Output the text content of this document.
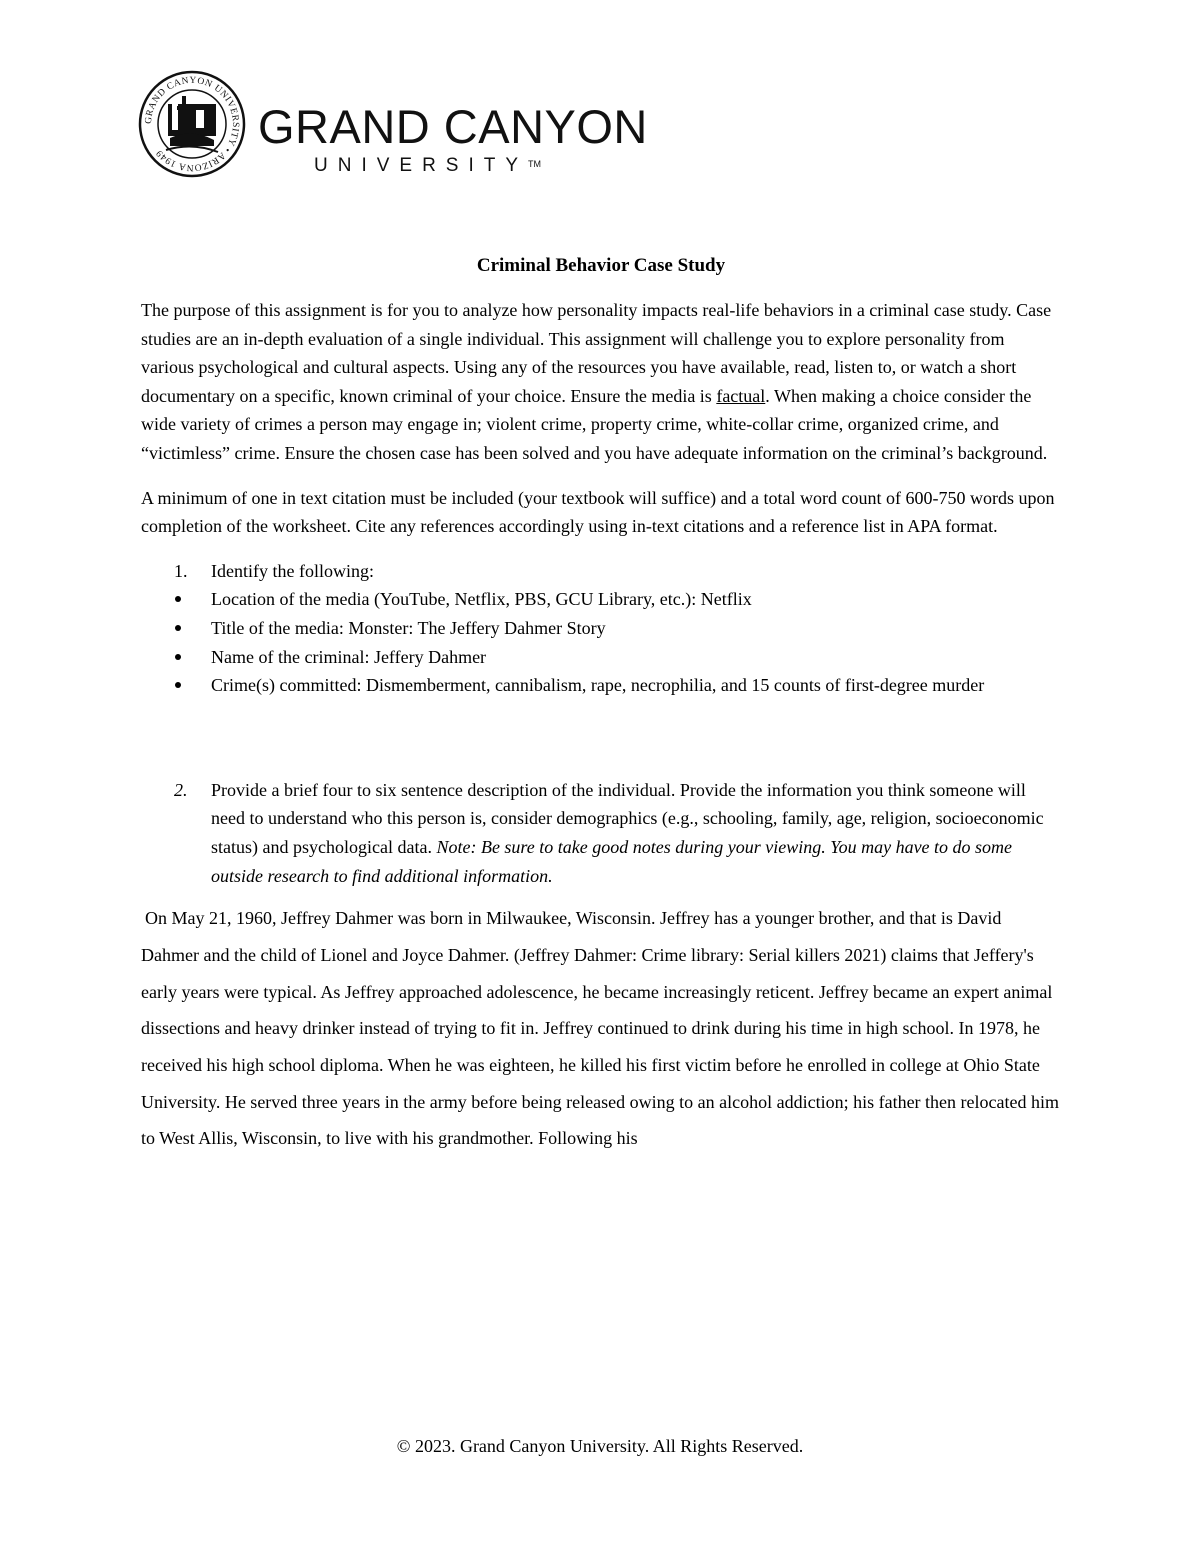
GRAND CANYON UNIVERSITY • ARIZONA 1949	GRAND CANYON
UNIVERSITY™
Criminal Behavior Case Study

The purpose of this assignment is for you to analyze how personality impacts real-life behaviors in a criminal case study. Case studies are an in-depth evaluation of a single individual. This assignment will challenge you to explore personality from various psychological and cultural aspects. Using any of the resources you have available, read, listen to, or watch a short documentary on a specific, known criminal of your choice. Ensure the media is factual. When making a choice consider the wide variety of crimes a person may engage in; violent crime, property crime, white-collar crime, organized crime, and “victimless” crime. Ensure the chosen case has been solved and you have adequate information on the criminal’s background.

A minimum of one in text citation must be included (your textbook will suffice) and a total word count of 600-750 words upon completion of the worksheet. Cite any references accordingly using in-text citations and a reference list in APA format.

1. Identify the following:
Location of the media (YouTube, Netflix, PBS, GCU Library, etc.): Netflix
Title of the media: Monster: The Jeffery Dahmer Story
Name of the criminal: Jeffery Dahmer
Crime(s) committed: Dismemberment, cannibalism, rape, necrophilia, and 15 counts of first-degree murder
2. Provide a brief four to six sentence description of the individual. Provide the information you think someone will need to understand who this person is, consider demographics (e.g., schooling, family, age, religion, socioeconomic status) and psychological data. Note: Be sure to take good notes during your viewing. You may have to do some outside research to find additional information.

On May 21, 1960, Jeffrey Dahmer was born in Milwaukee, Wisconsin. Jeffrey has a younger brother, and that is David Dahmer and the child of Lionel and Joyce Dahmer. (Jeffrey Dahmer: Crime library: Serial killers 2021) claims that Jeffery's early years were typical. As Jeffrey approached adolescence, he became increasingly reticent. Jeffrey became an expert animal dissections and heavy drinker instead of trying to fit in. Jeffrey continued to drink during his time in high school. In 1978, he received his high school diploma. When he was eighteen, he killed his first victim before he enrolled in college at Ohio State University. He served three years in the army before being released owing to an alcohol addiction; his father then relocated him to West Allis, Wisconsin, to live with his grandmother. Following his

© 2023. Grand Canyon University. All Rights Reserved.
